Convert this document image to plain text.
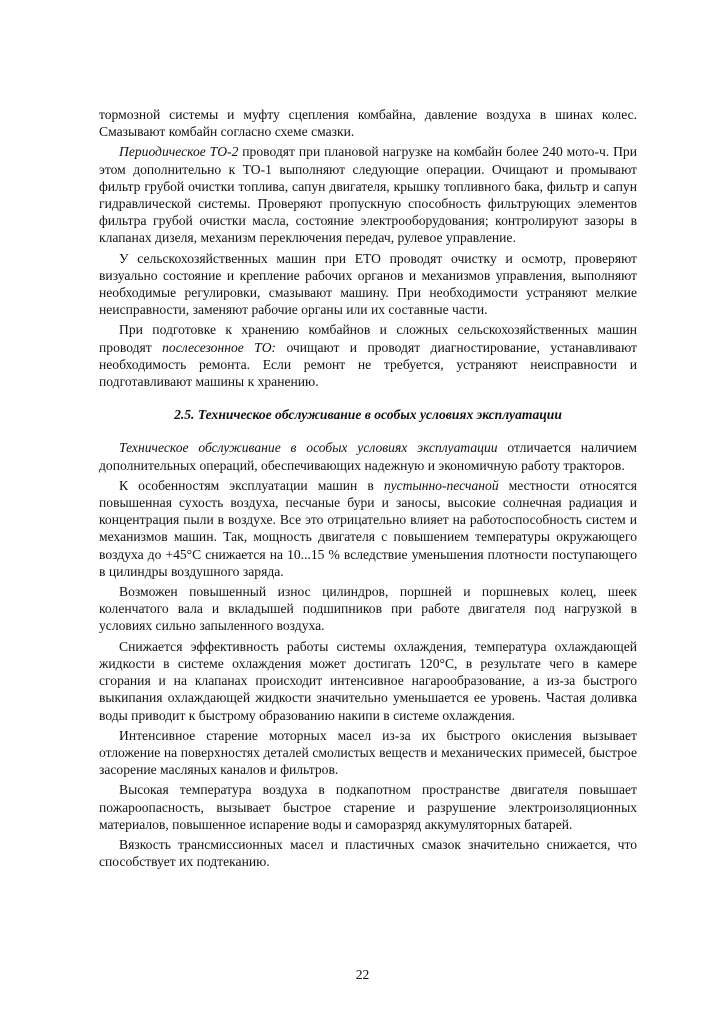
тормозной системы и муфту сцепления комбайна, давление воздуха в шинах колес. Смазывают комбайн согласно схеме смазки.

Периодическое ТО-2 проводят при плановой нагрузке на комбайн более 240 мото-ч. При этом дополнительно к ТО-1 выполняют следующие операции. Очищают и промывают фильтр грубой очистки топлива, сапун двигателя, крышку топливного бака, фильтр и сапун гидравлической системы. Проверяют пропускную способность фильтрующих элементов фильтра грубой очистки масла, состояние электрооборудования; контролируют зазоры в клапанах дизеля, механизм переключения передач, рулевое управление.

У сельскохозяйственных машин при ЕТО проводят очистку и осмотр, проверяют визуально состояние и крепление рабочих органов и механизмов управления, выполняют необходимые регулировки, смазывают машину. При необходимости устраняют мелкие неисправности, заменяют рабочие органы или их составные части.

При подготовке к хранению комбайнов и сложных сельскохозяйственных машин проводят послесезонное ТО: очищают и проводят диагностирование, устанавливают необходимость ремонта. Если ремонт не требуется, устраняют неисправности и подготавливают машины к хранению.

2.5. Техническое обслуживание в особых условиях эксплуатации

Техническое обслуживание в особых условиях эксплуатации отличается наличием дополнительных операций, обеспечивающих надежную и экономичную работу тракторов.

К особенностям эксплуатации машин в пустынно-песчаной местности относятся повышенная сухость воздуха, песчаные бури и заносы, высокие солнечная радиация и концентрация пыли в воздухе. Все это отрицательно влияет на работоспособность систем и механизмов машин. Так, мощность двигателя с повышением температуры окружающего воздуха до +45°С снижается на 10...15 % вследствие уменьшения плотности поступающего в цилиндры воздушного заряда.

Возможен повышенный износ цилиндров, поршней и поршневых колец, шеек коленчатого вала и вкладышей подшипников при работе двигателя под нагрузкой в условиях сильно запыленного воздуха.

Снижается эффективность работы системы охлаждения, температура охлаждающей жидкости в системе охлаждения может достигать 120°С, в результате чего в камере сгорания и на клапанах происходит интенсивное нагарообразование, а из-за быстрого выкипания охлаждающей жидкости значительно уменьшается ее уровень. Частая доливка воды приводит к быстрому образованию накипи в системе охлаждения.

Интенсивное старение моторных масел из-за их быстрого окисления вызывает отложение на поверхностях деталей смолистых веществ и механических примесей, быстрое засорение масляных каналов и фильтров.

Высокая температура воздуха в подкапотном пространстве двигателя повышает пожароопасность, вызывает быстрое старение и разрушение электроизоляционных материалов, повышенное испарение воды и саморазряд аккумуляторных батарей.

Вязкость трансмиссионных масел и пластичных смазок значительно снижается, что способствует их подтеканию.

22
